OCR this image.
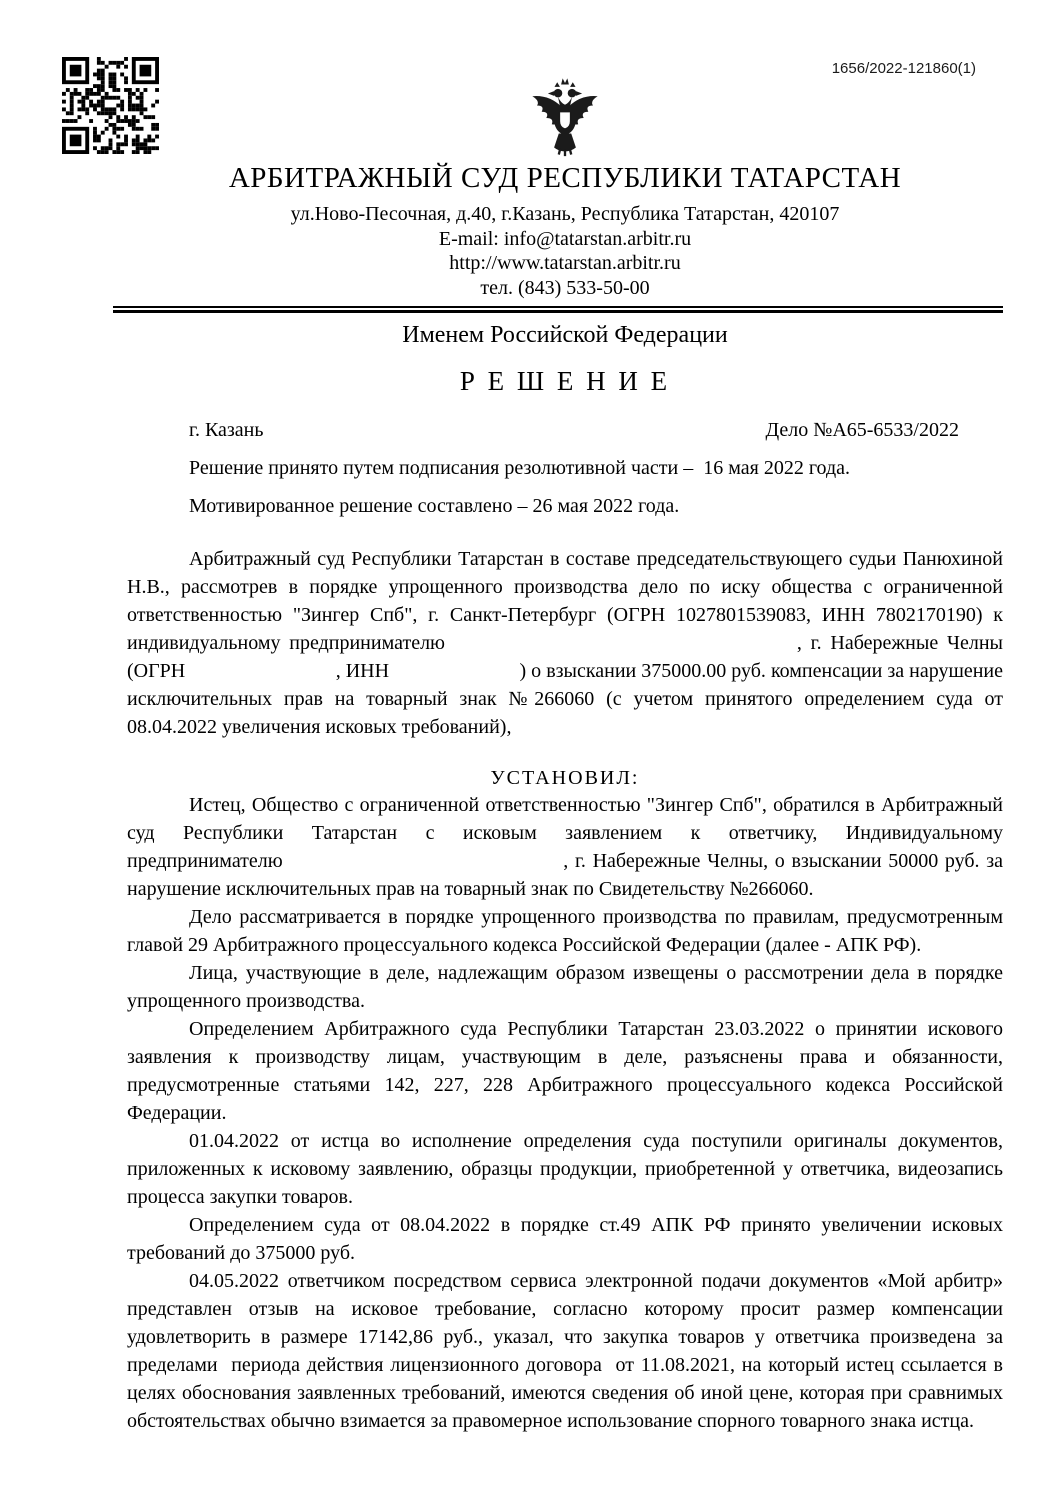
1656/2022-121860(1)
АРБИТРАЖНЫЙ СУД РЕСПУБЛИКИ ТАТАРСТАН
ул.Ново-Песочная, д.40, г.Казань, Республика Татарстан, 420107
E-mail: info@tatarstan.arbitr.ru
http://www.tatarstan.arbitr.ru
тел. (843) 533-50-00
Именем Российской Федерации
Р Е Ш Е Н И Е
г. Казань	Дело №А65-6533/2022
Решение принято путем подписания резолютивной части –  16 мая 2022 года.
Мотивированное решение составлено – 26 мая 2022 года.

Арбитражный суд Республики Татарстан в составе председательствующего судьи Панюхиной Н.В., рассмотрев в порядке упрощенного производства дело по иску общества с ограниченной ответственностью "Зингер Спб", г. Санкт-Петербург (ОГРН 1027801539083, ИНН 7802170190) к индивидуальному предпринимателю                                        , г. Набережные Челны (ОГРН                              , ИНН                          ) о взыскании 375000.00 руб. компенсации за нарушение исключительных прав на товарный знак №266060 (с учетом принятого определением суда от 08.04.2022 увеличения исковых требований),

УСТАНОВИЛ:

Истец, Общество с ограниченной ответственностью "Зингер Спб", обратился в Арбитражный суд Республики Татарстан с исковым заявлением к ответчику, Индивидуальному предпринимателю                                          , г. Набережные Челны, о взыскании 50000 руб. за нарушение исключительных прав на товарный знак по Свидетельству №266060.

Дело рассматривается в порядке упрощенного производства по правилам, предусмотренным главой 29 Арбитражного процессуального кодекса Российской Федерации (далее - АПК РФ).

Лица, участвующие в деле, надлежащим образом извещены о рассмотрении дела в порядке упрощенного производства.

Определением Арбитражного суда Республики Татарстан 23.03.2022 о принятии искового заявления к производству лицам, участвующим в деле, разъяснены права и обязанности, предусмотренные статьями 142, 227, 228 Арбитражного процессуального кодекса Российской Федерации.

01.04.2022 от истца во исполнение определения суда поступили оригиналы документов, приложенных к исковому заявлению, образцы продукции, приобретенной у ответчика, видеозапись процесса закупки товаров.

Определением суда от 08.04.2022 в порядке ст.49 АПК РФ принято увеличении исковых требований до 375000 руб.

04.05.2022 ответчиком посредством сервиса электронной подачи документов «Мой арбитр» представлен отзыв на исковое требование, согласно которому просит размер компенсации удовлетворить в размере 17142,86 руб., указал, что закупка товаров у ответчика произведена за пределами  периода действия лицензионного договора  от 11.08.2021, на который истец ссылается в целях обоснования заявленных требований, имеются сведения об иной цене, которая при сравнимых обстоятельствах обычно взимается за правомерное использование спорного товарного знака истца.
